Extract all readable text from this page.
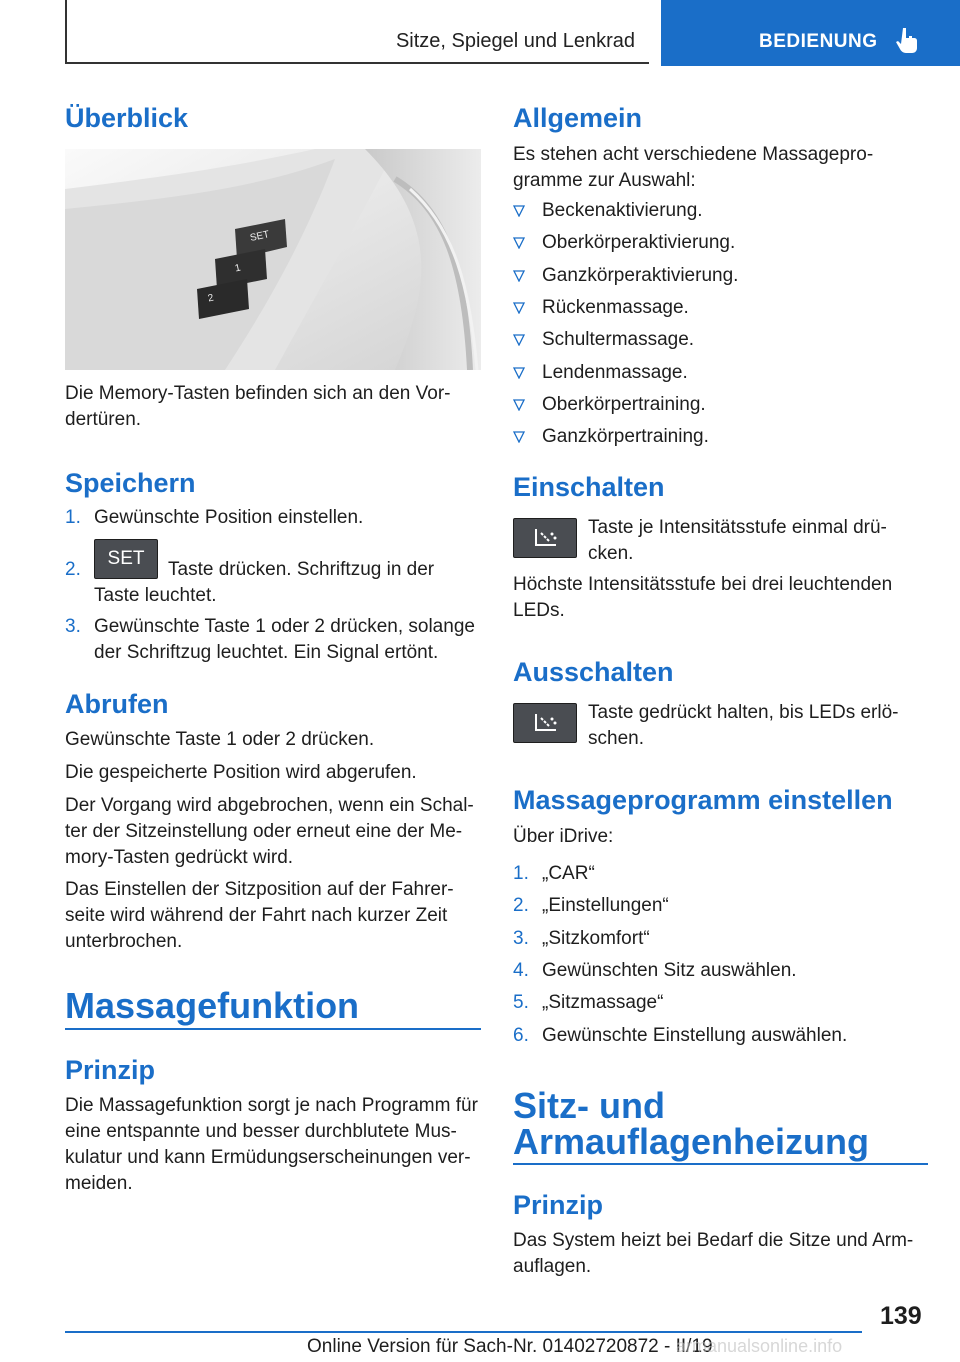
Sitze, Spiegel und Lenkrad	BEDIENUNG
Überblick
SET
1
2

Die Memory-Tasten befinden sich an den Vor-

dertüren.

Speichern
1. Gewünschte Position einstellen.
2.
SET

Taste drücken. Schriftzug in der

Taste leuchtet.

3. Gewünschte Taste 1 oder 2 drücken, solange

der Schriftzug leuchtet. Ein Signal ertönt.

Abrufen

Gewünschte Taste 1 oder 2 drücken.

Die gespeicherte Position wird abgerufen.

Der Vorgang wird abgebrochen, wenn ein Schal-

ter der Sitzeinstellung oder erneut eine der Me-

mory-Tasten gedrückt wird.

Das Einstellen der Sitzposition auf der Fahrer-

seite wird während der Fahrt nach kurzer Zeit

unterbrochen.

Massagefunktion
Prinzip

Die Massagefunktion sorgt je nach Programm für

eine entspannte und besser durchblutete Mus-

kulatur und kann Ermüdungserscheinungen ver-

meiden.

Allgemein

Es stehen acht verschiedene Massagepro-

gramme zur Auswahl:

Beckenaktivierung.
Oberkörperaktivierung.
Ganzkörperaktivierung.
Rückenmassage.
Schultermassage.
Lendenmassage.
Oberkörpertraining.
Ganzkörpertraining.
Einschalten

Taste je Intensitätsstufe einmal drü-

cken.

Höchste Intensitätsstufe bei drei leuchtenden

LEDs.

Ausschalten

Taste gedrückt halten, bis LEDs erlö-

schen.

Massageprogramm einstellen

Über iDrive:

1. „CAR“
2. „Einstellungen“
3. „Sitzkomfort“
4. Gewünschten Sitz auswählen.
5. „Sitzmassage“
6. Gewünschte Einstellung auswählen.
Sitz- und
Armauflagenheizung
Prinzip

Das System heizt bei Bedarf die Sitze und Arm-

auflagen.

139
Online Version für Sach-Nr. 01402720872 - II/19
armanualsonline.info
